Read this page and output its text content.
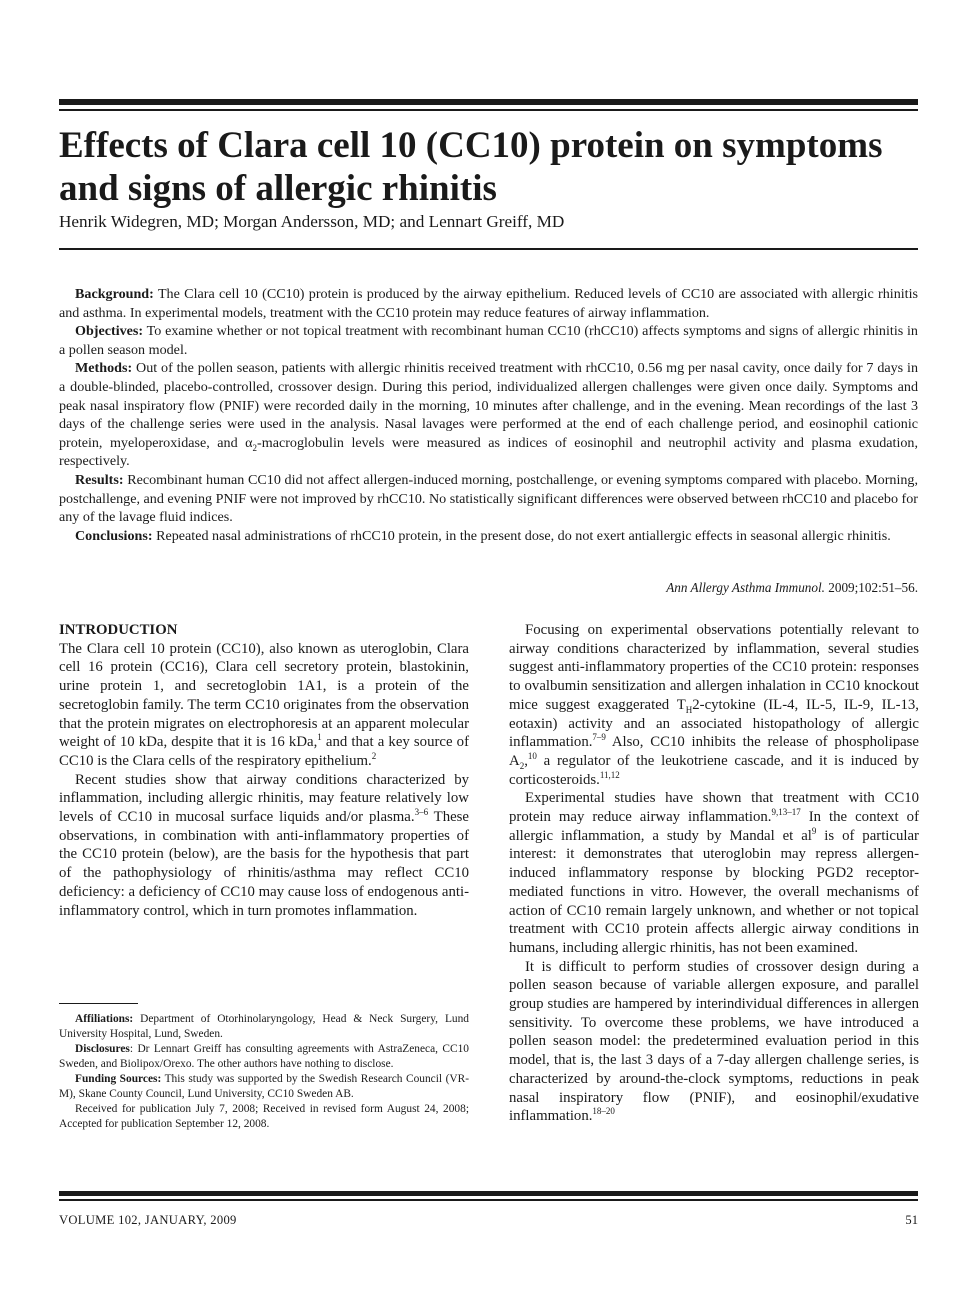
Effects of Clara cell 10 (CC10) protein on symptoms and signs of allergic rhinitis
Henrik Widegren, MD; Morgan Andersson, MD; and Lennart Greiff, MD

Background: The Clara cell 10 (CC10) protein is produced by the airway epithelium. Reduced levels of CC10 are associated with allergic rhinitis and asthma. In experimental models, treatment with the CC10 protein may reduce features of airway inflammation.

Objectives: To examine whether or not topical treatment with recombinant human CC10 (rhCC10) affects symptoms and signs of allergic rhinitis in a pollen season model.

Methods: Out of the pollen season, patients with allergic rhinitis received treatment with rhCC10, 0.56 mg per nasal cavity, once daily for 7 days in a double-blinded, placebo-controlled, crossover design. During this period, individualized allergen challenges were given once daily. Symptoms and peak nasal inspiratory flow (PNIF) were recorded daily in the morning, 10 minutes after challenge, and in the evening. Mean recordings of the last 3 days of the challenge series were used in the analysis. Nasal lavages were performed at the end of each challenge period, and eosinophil cationic protein, myeloperoxidase, and $\alpha_2$-macroglobulin levels were measured as indices of eosinophil and neutrophil activity and plasma exudation, respectively.

Results: Recombinant human CC10 did not affect allergen-induced morning, postchallenge, or evening symptoms compared with placebo. Morning, postchallenge, and evening PNIF were not improved by rhCC10. No statistically significant differences were observed between rhCC10 and placebo for any of the lavage fluid indices.

Conclusions: Repeated nasal administrations of rhCC10 protein, in the present dose, do not exert antiallergic effects in seasonal allergic rhinitis.

Ann Allergy Asthma Immunol. 2009;102:51–56.
INTRODUCTION

The Clara cell 10 protein (CC10), also known as uteroglobin, Clara cell 16 protein (CC16), Clara cell secretory protein, blastokinin, urine protein 1, and secretoglobin 1A1, is a protein of the secretoglobin family. The term CC10 originates from the observation that the protein migrates on electrophoresis at an apparent molecular weight of 10 kDa, despite that it is 16 kDa,$^1$ and that a key source of CC10 is the Clara cells of the respiratory epithelium.$^2$

Recent studies show that airway conditions characterized by inflammation, including allergic rhinitis, may feature relatively low levels of CC10 in mucosal surface liquids and/or plasma.$^{3-6}$ These observations, in combination with anti-inflammatory properties of the CC10 protein (below), are the basis for the hypothesis that part of the pathophysiology of rhinitis/asthma may reflect CC10 deficiency: a deficiency of CC10 may cause loss of endogenous anti-inflammatory control, which in turn promotes inflammation.

Affiliations: Department of Otorhinolaryngology, Head & Neck Surgery, Lund University Hospital, Lund, Sweden.

Disclosures: Dr Lennart Greiff has consulting agreements with AstraZeneca, CC10 Sweden, and Biolipox/Orexo. The other authors have nothing to disclose.

Funding Sources: This study was supported by the Swedish Research Council (VR-M), Skane County Council, Lund University, CC10 Sweden AB.

Received for publication July 7, 2008; Received in revised form August 24, 2008; Accepted for publication September 12, 2008.

Focusing on experimental observations potentially relevant to airway conditions characterized by inflammation, several studies suggest anti-inflammatory properties of the CC10 protein: responses to ovalbumin sensitization and allergen inhalation in CC10 knockout mice suggest exaggerated $T_H2$-cytokine (IL-4, IL-5, IL-9, IL-13, eotaxin) activity and an associated histopathology of allergic inflammation.$^{7-9}$ Also, CC10 inhibits the release of phospholipase $A_2,^{10}$ a regulator of the leukotriene cascade, and it is induced by corticosteroids.$^{11,12}$

Experimental studies have shown that treatment with CC10 protein may reduce airway inflammation.$^{9,13-17}$ In the context of allergic inflammation, a study by Mandal et $al^9$ is of particular interest: it demonstrates that uteroglobin may repress allergen-induced inflammatory response by blocking PGD2 receptor-mediated functions in vitro. However, the overall mechanisms of action of CC10 remain largely unknown, and whether or not topical treatment with CC10 protein affects allergic airway conditions in humans, including allergic rhinitis, has not been examined.

It is difficult to perform studies of crossover design during a pollen season because of variable allergen exposure, and parallel group studies are hampered by interindividual differences in allergen sensitivity. To overcome these problems, we have introduced a pollen season model: the predetermined evaluation period in this model, that is, the last 3 days of a 7-day allergen challenge series, is characterized by around-the-clock symptoms, reductions in peak nasal inspiratory flow (PNIF), and eosinophil/exudative inflammation.$^{18-20}$

VOLUME 102, JANUARY, 2009	51
